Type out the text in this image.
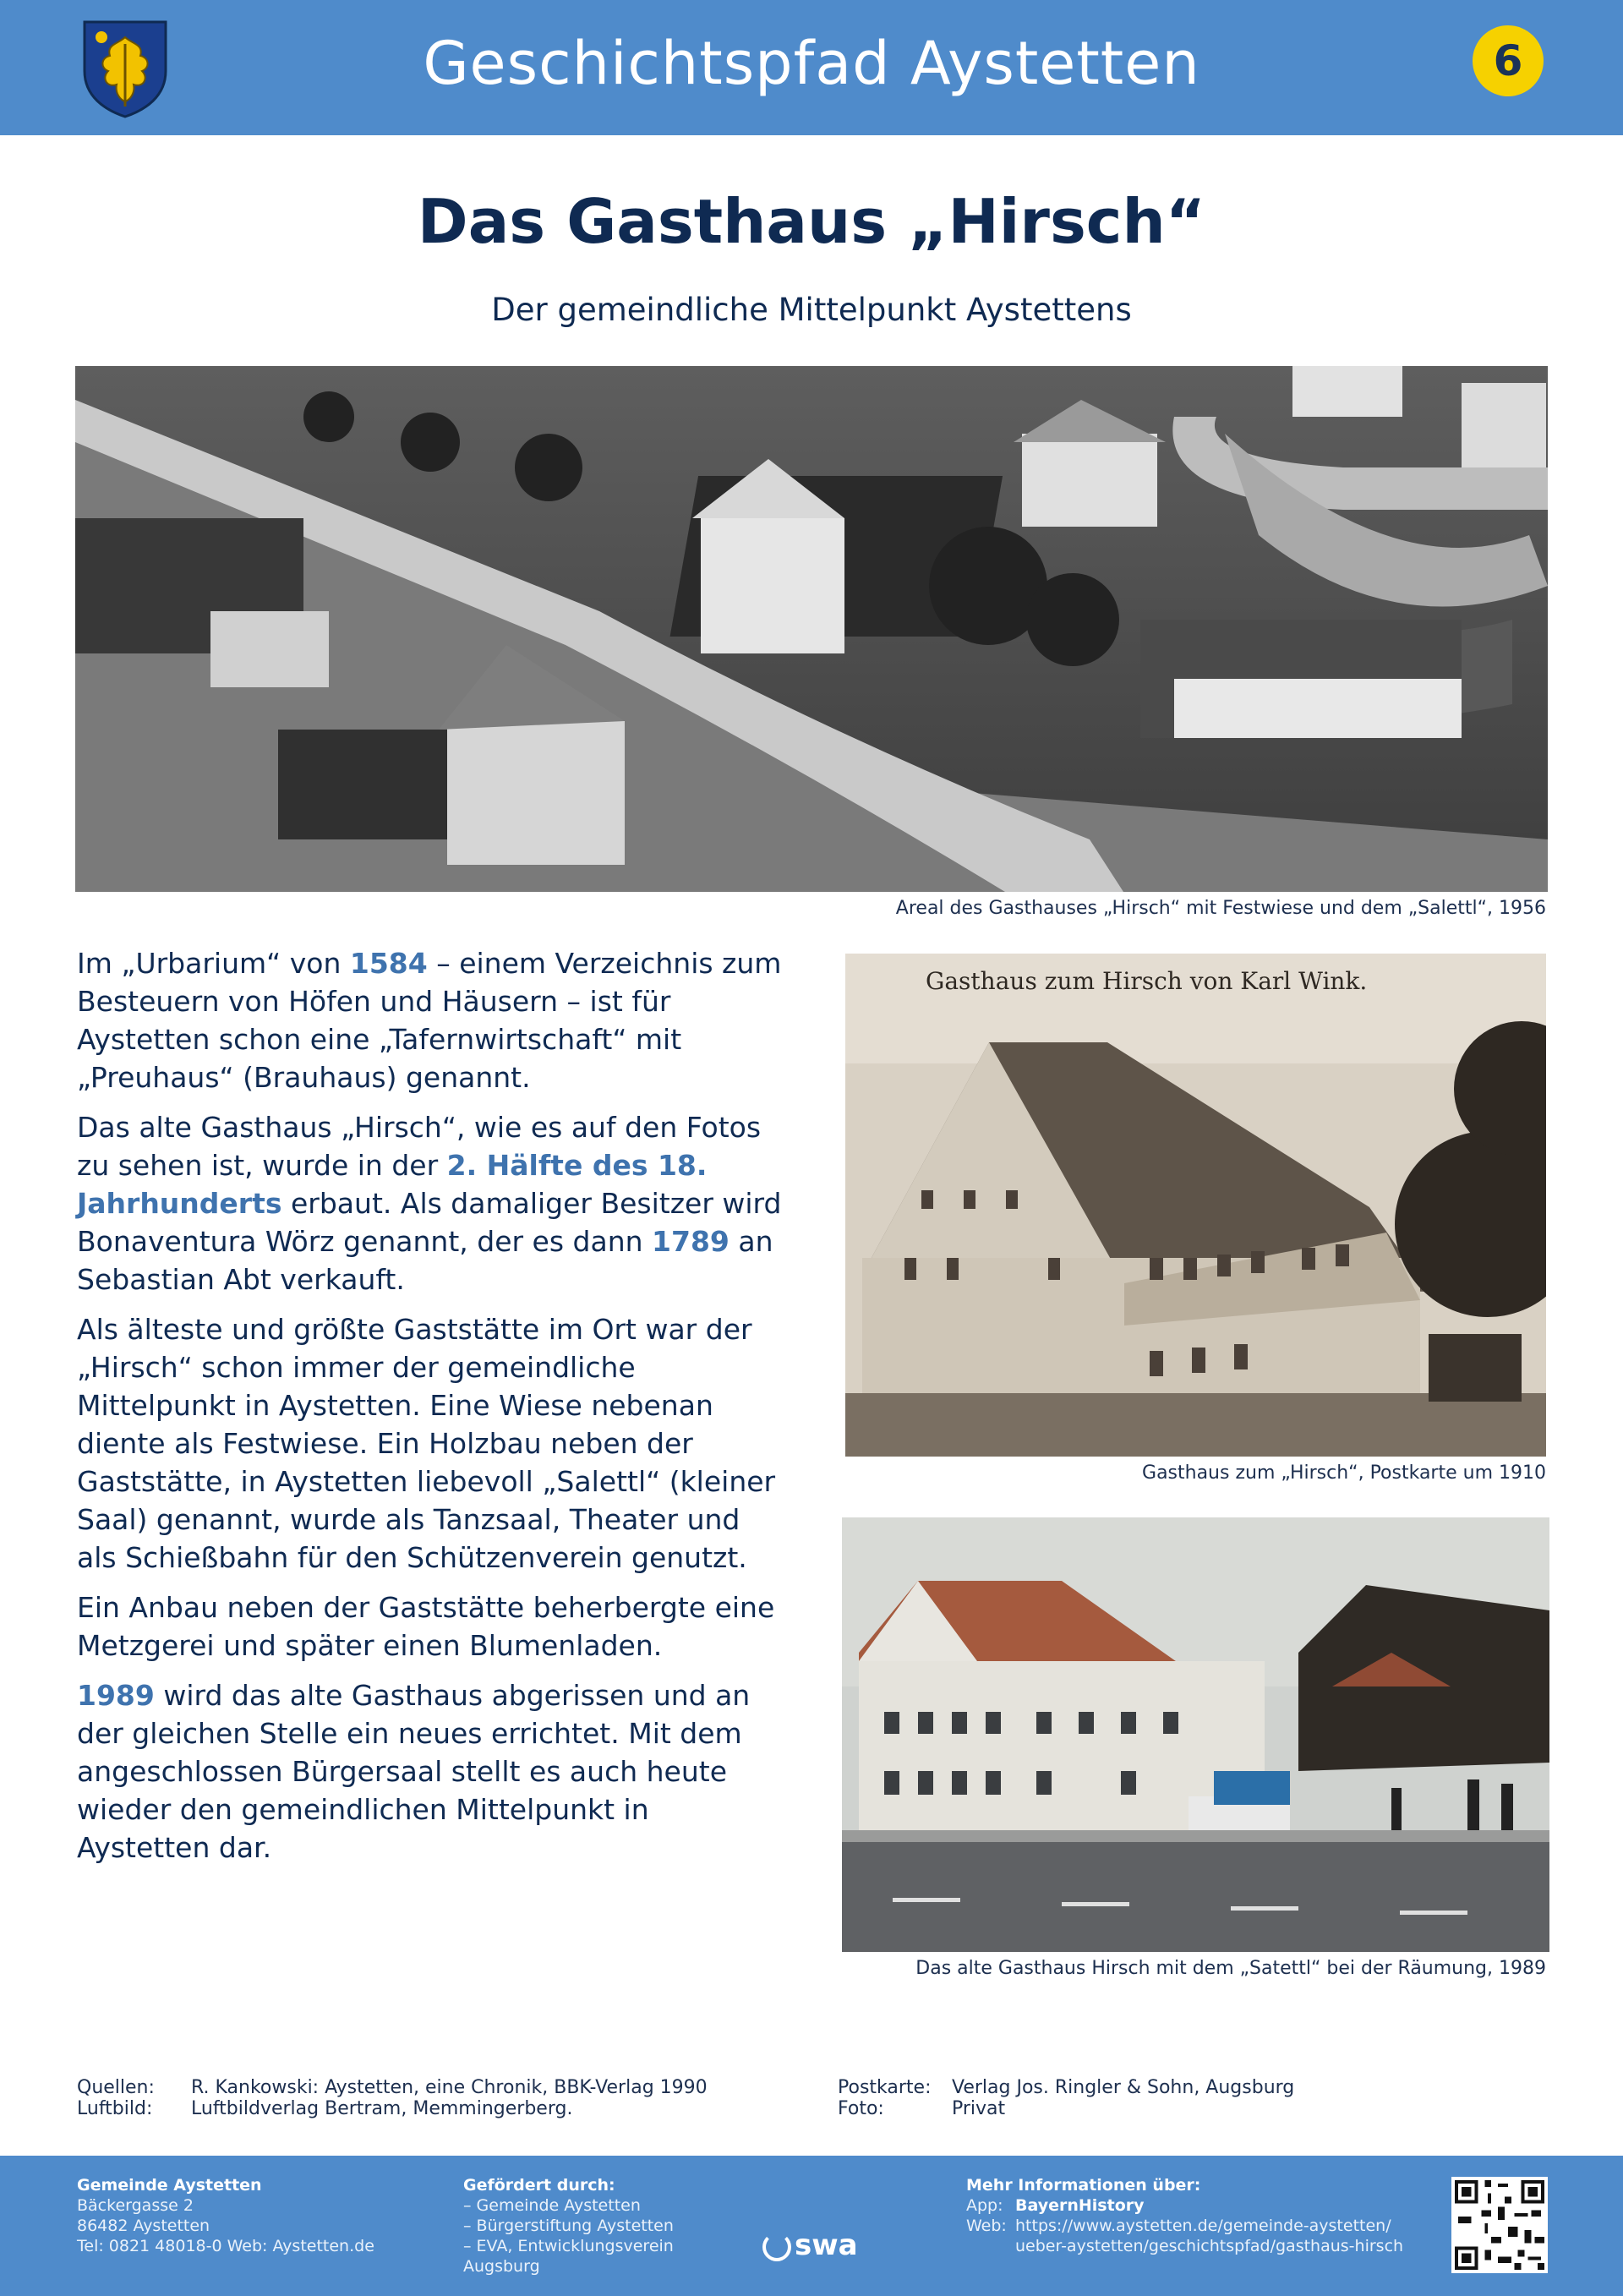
Geschichtspfad Aystetten	6
Das Gasthaus „Hirsch“
Der gemeindliche Mittelpunkt Aystettens
Areal des Gasthauses „Hirsch“ mit Festwiese und dem „Salettl“, 1956

Im „Urbarium“ von 1584 – einem Verzeichnis zum Besteuern von Höfen und Häusern – ist für Aystetten schon eine „Tafernwirtschaft“ mit „Preuhaus“ (Brauhaus) genannt.

Das alte Gasthaus „Hirsch“, wie es auf den Fotos zu sehen ist, wurde in der 2. Hälfte des 18. Jahrhunderts erbaut. Als damaliger Besitzer wird Bonaventura Wörz genannt, der es dann 1789 an Sebastian Abt verkauft.

Als älteste und größte Gaststätte im Ort war der „Hirsch“ schon immer der gemeindliche Mittelpunkt in Aystetten. Eine Wiese nebenan diente als Festwiese. Ein Holzbau neben der Gaststätte, in Aystetten liebevoll „Salettl“ (kleiner Saal) genannt, wurde als Tanzsaal, Theater und als Schießbahn für den Schützenverein genutzt.

Ein Anbau neben der Gaststätte beherbergte eine Metzgerei und später einen Blumenladen.

1989 wird das alte Gasthaus abgerissen und an der gleichen Stelle ein neues errichtet. Mit dem angeschlossen Bürgersaal stellt es auch heute wieder den gemeindlichen Mittelpunkt in Aystetten dar.

Gasthaus zum Hirsch von Karl Wink.
Gasthaus zum „Hirsch“, Postkarte um 1910
Das alte Gasthaus Hirsch mit dem „Satettl“ bei der Räumung, 1989
Quellen: R. Kankowski: Aystetten, eine Chronik, BBK-Verlag 1990
Luftbild: Luftbildverlag Bertram, Memmingerberg.
Postkarte: Verlag Jos. Ringler & Sohn, Augsburg
Foto:	Privat
Gemeinde Aystetten
Bäckergasse 2
86482 Aystetten
Tel: 0821 48018-0 Web: Aystetten.de
Gefördert durch:
– Gemeinde Aystetten
– Bürgerstiftung Aystetten
– EVA, Entwicklungsverein Augsburg
swa
Mehr Informationen über:
App: BayernHistory
Web: https://www.aystetten.de/gemeinde-aystetten/
ueber-aystetten/geschichtspfad/gasthaus-hirsch
